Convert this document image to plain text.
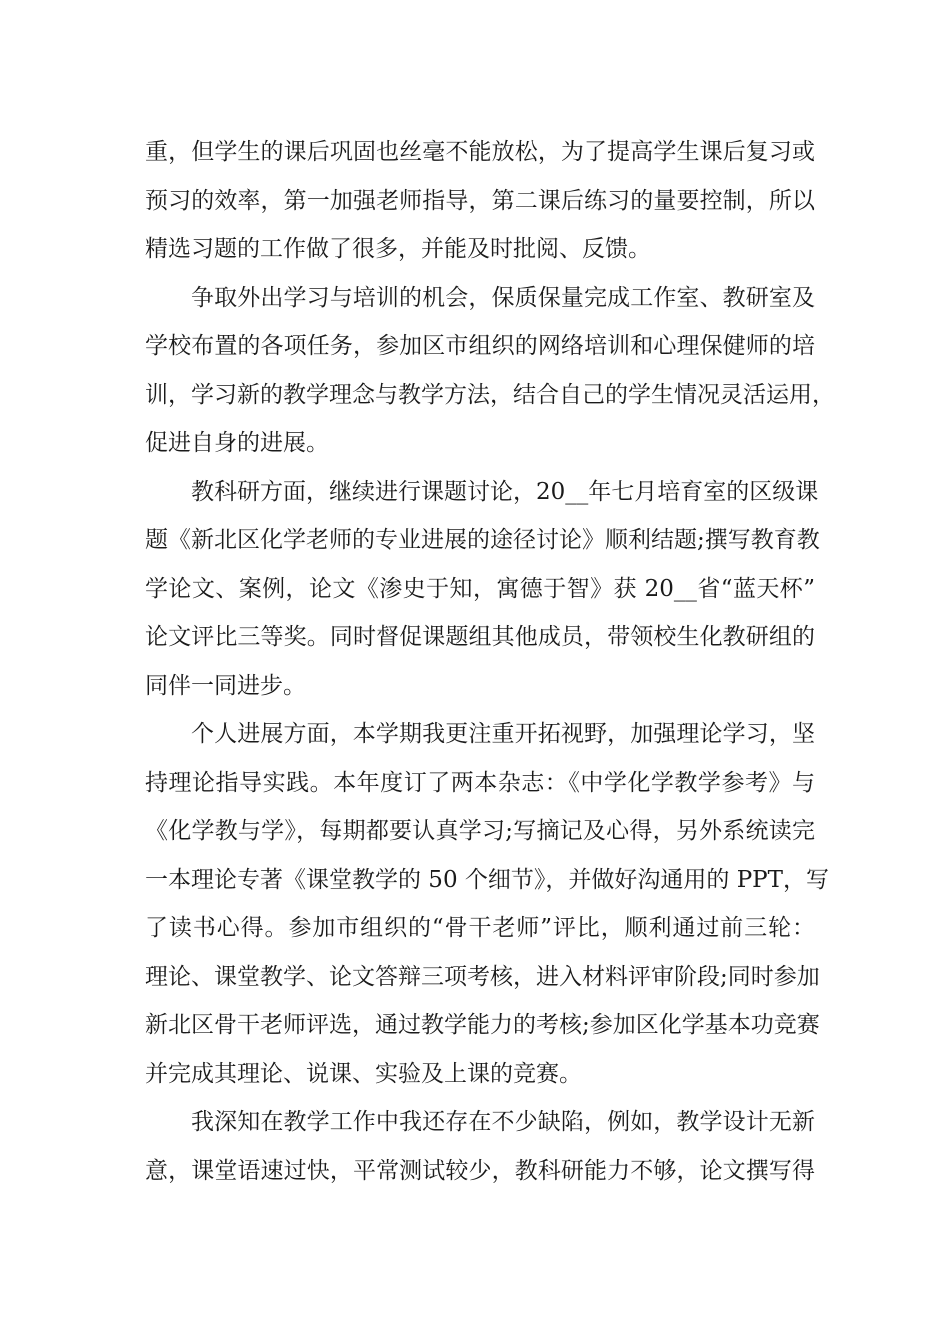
重，但学生的课后巩固也丝毫不能放松，为了提高学生课后复习或
预习的效率，第一加强老师指导，第二课后练习的量要控制，所以
精选习题的工作做了很多，并能及时批阅、反馈。
争取外出学习与培训的机会，保质保量完成工作室、教研室及
学校布置的各项任务，参加区市组织的网络培训和心理保健师的培
训，学习新的教学理念与教学方法，结合自己的学生情况灵活运用，
促进自身的进展。
教科研方面，继续进行课题讨论，20__年七月培育室的区级课
题《新北区化学老师的专业进展的途径讨论》顺利结题;撰写教育教
学论文、案例，论文《渗史于知，寓德于智》获 20__省“蓝天杯”
论文评比三等奖。同时督促课题组其他成员，带领校生化教研组的
同伴一同进步。
个人进展方面，本学期我更注重开拓视野，加强理论学习，坚
持理论指导实践。本年度订了两本杂志：《中学化学教学参考》与
《化学教与学》，每期都要认真学习;写摘记及心得，另外系统读完
一本理论专著《课堂教学的 50 个细节》，并做好沟通用的 PPT，写
了读书心得。参加市组织的“骨干老师”评比，顺利通过前三轮：
理论、课堂教学、论文答辩三项考核，进入材料评审阶段;同时参加
新北区骨干老师评选，通过教学能力的考核;参加区化学基本功竞赛
并完成其理论、说课、实验及上课的竞赛。
我深知在教学工作中我还存在不少缺陷，例如，教学设计无新
意，课堂语速过快，平常测试较少，教科研能力不够，论文撰写得
